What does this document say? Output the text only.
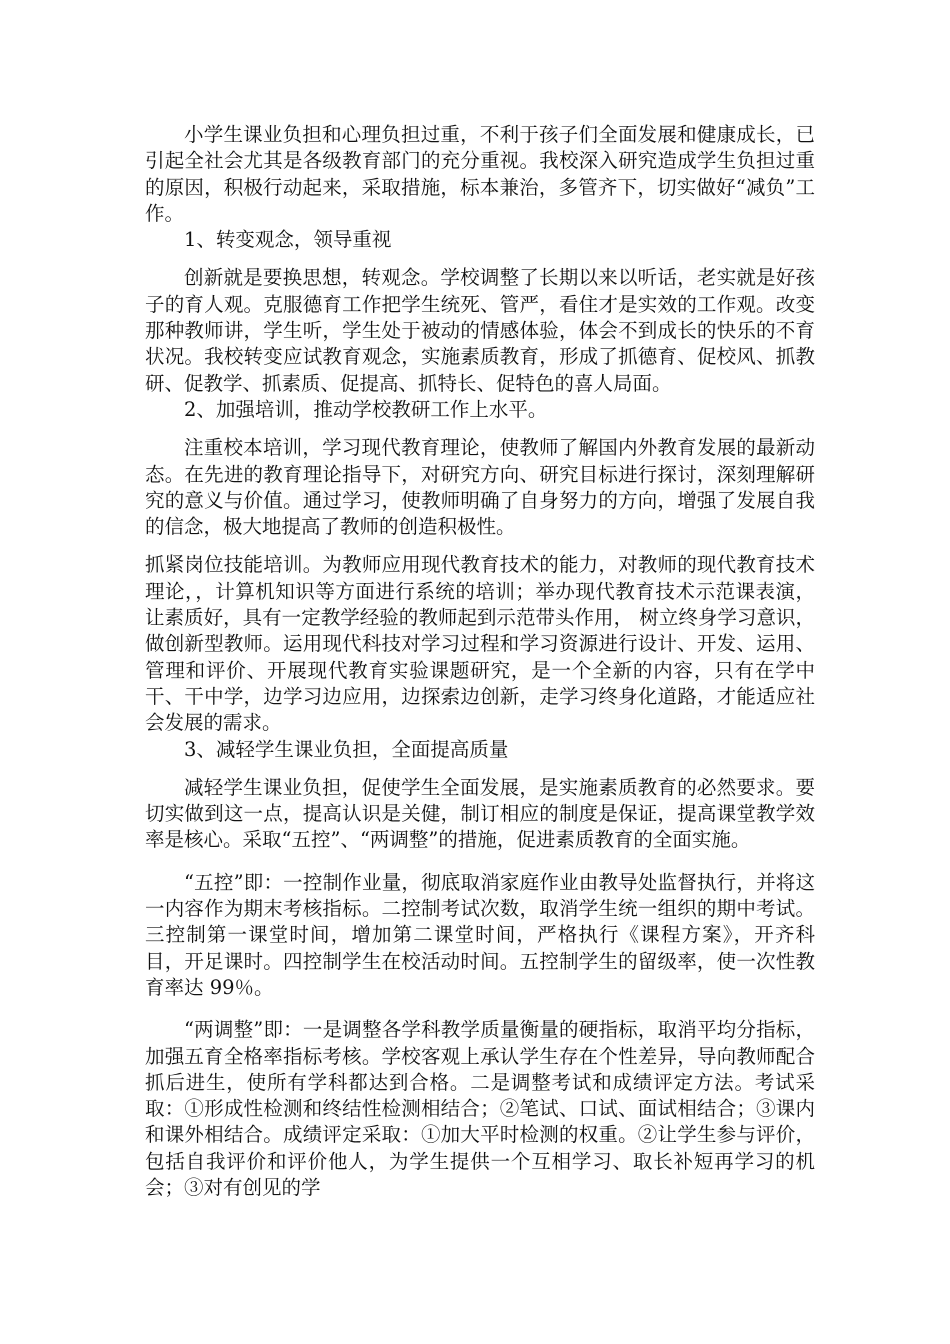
小学生课业负担和心理负担过重，不利于孩子们全面发展和健康成长，已引起全社会尤其是各级教育部门的充分重视。我校深入研究造成学生负担过重的原因，积极行动起来，采取措施，标本兼治，多管齐下，切实做好“减负”工作。

1、转变观念，领导重视

创新就是要换思想，转观念。学校调整了长期以来以听话，老实就是好孩子的育人观。克服德育工作把学生统死、管严，看住才是实效的工作观。改变那种教师讲，学生听，学生处于被动的情感体验，体会不到成长的快乐的不育状况。我校转变应试教育观念，实施素质教育，形成了抓德育、促校风、抓教研、促教学、抓素质、促提高、抓特长、促特色的喜人局面。

2、加强培训，推动学校教研工作上水平。

注重校本培训，学习现代教育理论，使教师了解国内外教育发展的最新动态。在先进的教育理论指导下，对研究方向、研究目标进行探讨，深刻理解研究的意义与价值。通过学习，使教师明确了自身努力的方向，增强了发展自我的信念，极大地提高了教师的创造积极性。

抓紧岗位技能培训。为教师应用现代教育技术的能力，对教师的现代教育技术理论，，计算机知识等方面进行系统的培训；举办现代教育技术示范课表演，让素质好，具有一定教学经验的教师起到示范带头作用， 树立终身学习意识，做创新型教师。运用现代科技对学习过程和学习资源进行设计、开发、运用、管理和评价、开展现代教育实验课题研究，是一个全新的内容，只有在学中干、干中学，边学习边应用，边探索边创新，走学习终身化道路，才能适应社会发展的需求。

3、减轻学生课业负担，全面提高质量

减轻学生课业负担，促使学生全面发展，是实施素质教育的必然要求。要切实做到这一点，提高认识是关健，制订相应的制度是保证，提高课堂教学效率是核心。采取“五控”、“两调整”的措施，促进素质教育的全面实施。

“五控”即：一控制作业量，彻底取消家庭作业由教导处监督执行，并将这一内容作为期末考核指标。二控制考试次数，取消学生统一组织的期中考试。三控制第一课堂时间，增加第二课堂时间，严格执行《课程方案》，开齐科目，开足课时。四控制学生在校活动时间。五控制学生的留级率，使一次性教育率达 99％。

“两调整”即：一是调整各学科教学质量衡量的硬指标，取消平均分指标，加强五育全格率指标考核。学校客观上承认学生存在个性差异，导向教师配合抓后进生，使所有学科都达到合格。二是调整考试和成绩评定方法。考试采取：①形成性检测和终结性检测相结合；②笔试、口试、面试相结合；③课内和课外相结合。成绩评定采取：①加大平时检测的权重。②让学生参与评价，包括自我评价和评价他人，为学生提供一个互相学习、取长补短再学习的机会；③对有创见的学
